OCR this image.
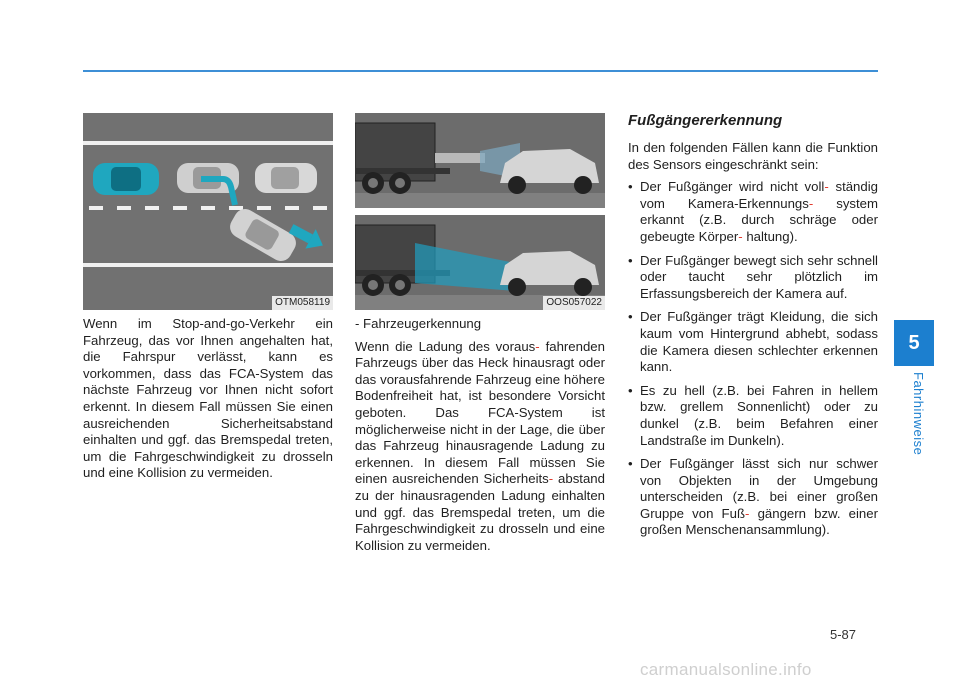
5
Fahrhinweise
OTM058119	OOS057022

Wenn im Stop-and-go-Verkehr ein Fahrzeug, das vor Ihnen angehalten hat, die Fahrspur verlässt, kann es vorkommen, dass das FCA-System das nächste Fahrzeug vor Ihnen nicht sofort erkennt. In diesem Fall müssen Sie einen ausreichenden Sicherheitsabstand einhalten und ggf. das Bremspedal treten, um die Fahrgeschwindigkeit zu drosseln und eine Kollision zu vermeiden.

- Fahrzeugerkennung

Wenn die Ladung des voraus- fahrenden Fahrzeugs über das Heck hinausragt oder das vorausfahrende Fahrzeug eine höhere Bodenfreiheit hat, ist besondere Vorsicht geboten. Das FCA-System ist möglicherweise nicht in der Lage, die über das Fahrzeug hinausragende Ladung zu erkennen. In diesem Fall müssen Sie einen ausreichenden Sicherheits- abstand zu der hinausragenden Ladung einhalten und ggf. das Bremspedal treten, um die Fahrgeschwindigkeit zu drosseln und eine Kollision zu vermeiden.

Fußgängererkennung

In den folgenden Fällen kann die Funktion des Sensors eingeschränkt sein:

• Der Fußgänger wird nicht voll- ständig vom Kamera-Erkennungs- system erkannt (z.B. durch schräge oder gebeugte Körper- haltung).
• Der Fußgänger bewegt sich sehr schnell oder taucht sehr plötzlich im Erfassungsbereich der Kamera auf.
• Der Fußgänger trägt Kleidung, die sich kaum vom Hintergrund abhebt, sodass die Kamera diesen schlechter erkennen kann.
• Es zu hell (z.B. bei Fahren in hellem bzw. grellem Sonnenlicht) oder zu dunkel (z.B. beim Befahren einer Landstraße im Dunkeln).
• Der Fußgänger lässt sich nur schwer von Objekten in der Umgebung unterscheiden (z.B. bei einer großen Gruppe von Fuß- gängern bzw. einer großen Menschenansammlung).
5-87
carmanualsonline.info
